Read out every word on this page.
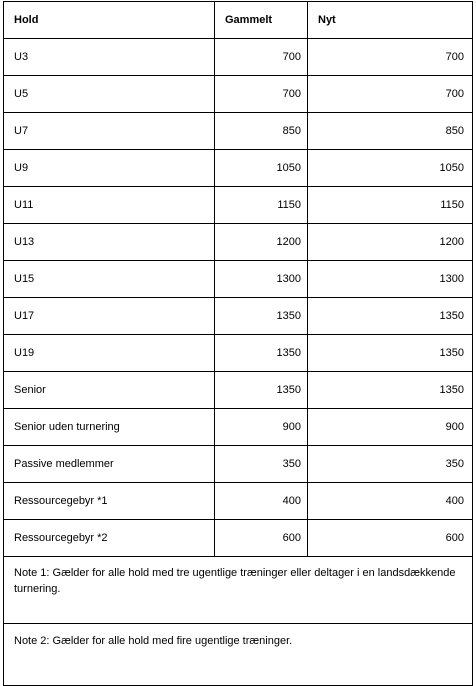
Hold	Gammelt	Nyt
U3	700	700
U5	700	700
U7	850	850
U9	1050	1050
U11	1150	1150
U13	1200	1200
U15	1300	1300
U17	1350	1350
U19	1350	1350
Senior	1350	1350
Senior uden turnering	900	900
Passive medlemmer	350	350
Ressourcegebyr *1	400	400
Ressourcegebyr *2	600	600
Note 1: Gælder for alle hold med tre ugentlige træninger eller deltager i en landsdækkende turnering.		
Note 2: Gælder for alle hold med fire ugentlige træninger.		
